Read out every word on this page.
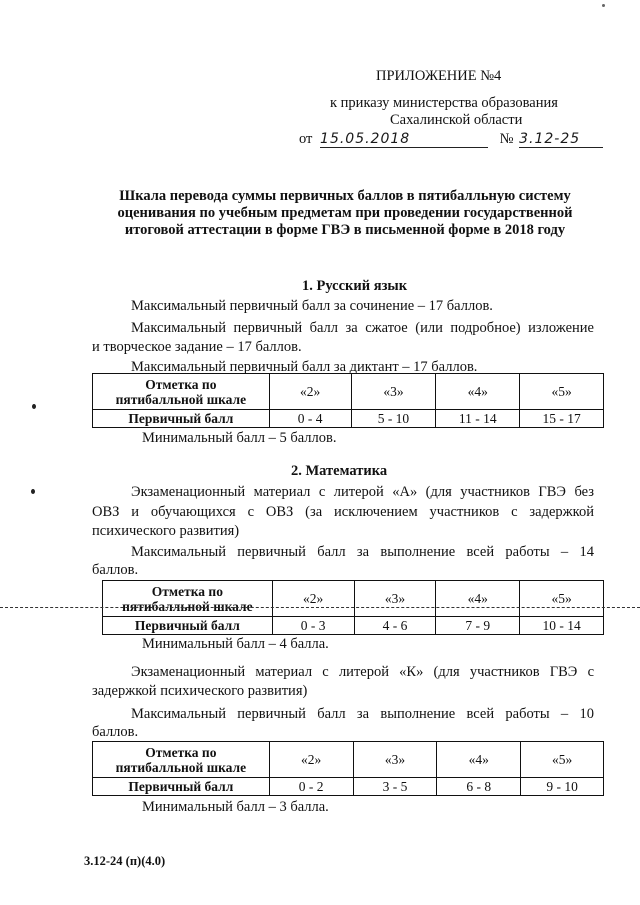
ПРИЛОЖЕНИЕ №4
к приказу министерства образования
Сахалинской области
от 15.05.2018	№ 3.12-25
Шкала перевода суммы первичных баллов в пятибалльную систему
оценивания по учебным предметам при проведении государственной
итоговой аттестации в форме ГВЭ в письменной форме в 2018 году
1. Русский язык
Максимальный первичный балл за сочинение – 17 баллов.
Максимальный первичный балл за сжатое (или подробное) изложение
и творческое задание – 17 баллов.
Максимальный первичный балл за диктант – 17 баллов.
Отметка по
пятибалльной шкале	«2»	«3»	«4»	«5»
Первичный балл	0 - 4	5 - 10	11 - 14	15 - 17
Минимальный балл – 5 баллов.
2. Математика
Экзаменационный материал с литерой «А» (для участников ГВЭ без
ОВЗ и обучающихся с ОВЗ (за исключением участников с задержкой
психического развития)
Максимальный первичный балл за выполнение всей работы – 14
баллов.
Отметка по
пятибалльной шкале	«2»	«3»	«4»	«5»
Первичный балл	0 - 3	4 - 6	7 - 9	10 - 14
Минимальный балл – 4 балла.
Экзаменационный материал с литерой «К» (для участников ГВЭ с
задержкой психического развития)
Максимальный первичный балл за выполнение всей работы – 10
баллов.
Отметка по
пятибалльной шкале	«2»	«3»	«4»	«5»
Первичный балл	0 - 2	3 - 5	6 - 8	9 - 10
Минимальный балл – 3 балла.
3.12-24 (п)(4.0)
